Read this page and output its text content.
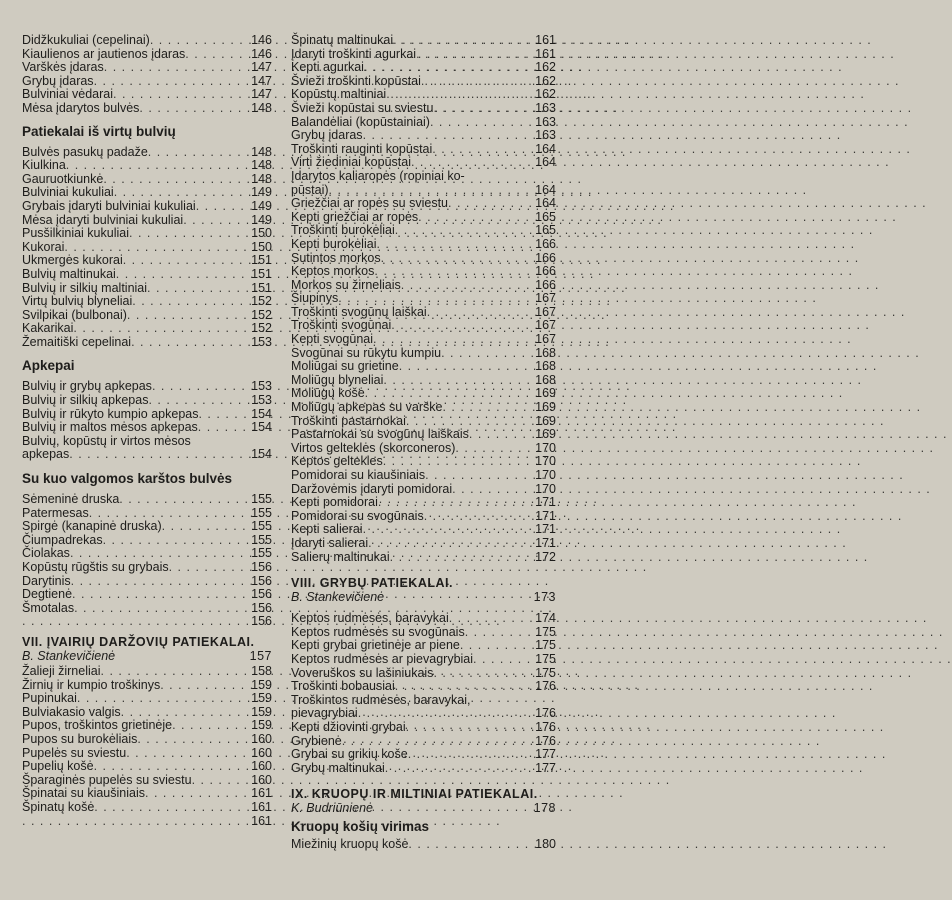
Didžkukuliai (cepelinai) . . .	146
Kiaulienos ar jautienos įdaras . . .	146
Varškės įdaras . . .	147
Grybų įdaras . . .	147
Bulviniai vėdarai . . .	147
Mėsa įdarytos bulvės . . .	148
Patiekalai iš virtų bulvių
Bulvės pasukų padaže . . .	148
Kiulkina . . .	148
Gauruotkiunkė . . .	148
Bulviniai kukuliai . . .	149
Grybais įdaryti bulviniai kukuliai . . .	149
Mėsa įdaryti bulviniai kukuliai . . .	149
Pusšilkiniai kukuliai . . .	150
Kukorai . . .	150
Ukmergės kukorai . . .	151
Bulvių maltinukai . . .	151
Bulvių ir silkių maltiniai . . .	151
Virtų bulvių blyneliai . . .	152
Svilpikai (bulbonai) . . .	152
Kakarikai . . .	152
Žemaitiški cepelinai . . .	153
Apkepai
Bulvių ir grybų apkepas . . .	153
Bulvių ir silkių apkepas . . .	153
Bulvių ir rūkyto kumpio apkepas . . .	154
Bulvių ir maltos mėsos apkepas . . .	154
Bulvių, kopūstų ir virtos mėsos
apkepas . . .	154
Su kuo valgomos karštos bulvės
Sėmeninė druska . . .	155
Patermesas . . .	155
Spirgė (kanapinė druska) . . .	155
Čiumpadrekas . . .	155
Čiolakas . . .	155
Kopūstų rūgštis su grybais . . .	156
Darytinis . . .	156
Degtienė . . .	156
Šmotalas . . .	156
. . .
156
VII. ĮVAIRIŲ DARŽOVIŲ PATIEKALAI.
B. Stankevičienė	157
Žalieji žirneliai . . .	158
Žirnių ir kumpio troškinys . . .	159
Pupinukai . . .	159
Bulviakasio valgis . . .	159
Pupos, troškintos grietinėje . . .	159
Pupos su burokėliais . . .	160
Pupelės su sviestu . . .	160
Pupelių košė . . .	160
Šparaginės pupelės su sviestu . . .	160
Špinatai su kiaušiniais . . .	161
Špinatų košė . . .	161
. . .
161
Špinatų maltinukai . . .	161
Įdaryti troškinti agurkai . . .	161
Kepti agurkai . . .	162
Švieži troškinti kopūstai . . .	162
Kopūstų maltiniai . . .	162
Švieži kopūstai su sviestu . . .	163
Balandėliai (kopūstainiai) . . .	163
Grybų įdaras . . .	163
Troškinti rauginti kopūstai . . .	164
Virti žiediniai kopūstai . . .	164
Įdarytos kaliaropės (ropiniai ko-
pūstai) . . .	164
Griežčiai ar ropės su sviestu . . .	164
Kepti griežčiai ar ropės . . .	165
Troškinti burokėliai . . .	165
Kepti burokėliai . . .	166
Sutintos morkos . . .	166
Keptos morkos . . .	166
Morkos su žirneliais . . .	166
Šiupinys . . .	167
Troškinti svogūnų laiškai . . .	167
Troškinti svogūnai . . .	167
Kepti svogūnai . . .	167
Svogūnai su rūkytu kumpiu . . .	168
Moliūgai su grietine . . .	168
Moliūgų blyneliai . . .	168
Moliūgų košė . . .	169
Moliūgų apkepas su varške . . .	169
Troškinti pastarnokai . . .	169
Pastarnokai su svogūnų laiškais . . .	169
Virtos gelteklės (skorconeros) . . .	170
Keptos geltekles . . .	170
Pomidorai su kiaušiniais . . .	170
Daržovėmis įdaryti pomidorai . . .	170
Kepti pomidorai . . .	171
Pomidorai su svogūnais . . .	171
Kepti salierai . . .	171
Įdaryti salierai . . .	171
Salierų maltinukai . . .	172
VIII. GRYBŲ PATIEKALAI.
B. Stankevičienė	173
Keptos rudmėsės, baravykai . . .	174
Keptos rudmėsės su svogūnais . . .	175
Kepti grybai grietinėje ar piene . . .	175
Keptos rudmėsės ar pievagrybiai . . .	175
Voveruškos su lašiniukais . . .	175
Troškinti bobausiai . . .	176
Troškintos rudmėsės, baravykai,
pievagrybiai . . .	176
Kepti džiovinti grybai . . .	176
Grybienė . . .	176
Grybai su grikių koše . . .	177
Grybų maltinukai . . .	177
IX. KRUOPŲ IR MILTINIAI PATIEKALAI.
K. Budriūnienė	178
Kruopų košių virimas
Miežinių kruopų košė . . .	180
